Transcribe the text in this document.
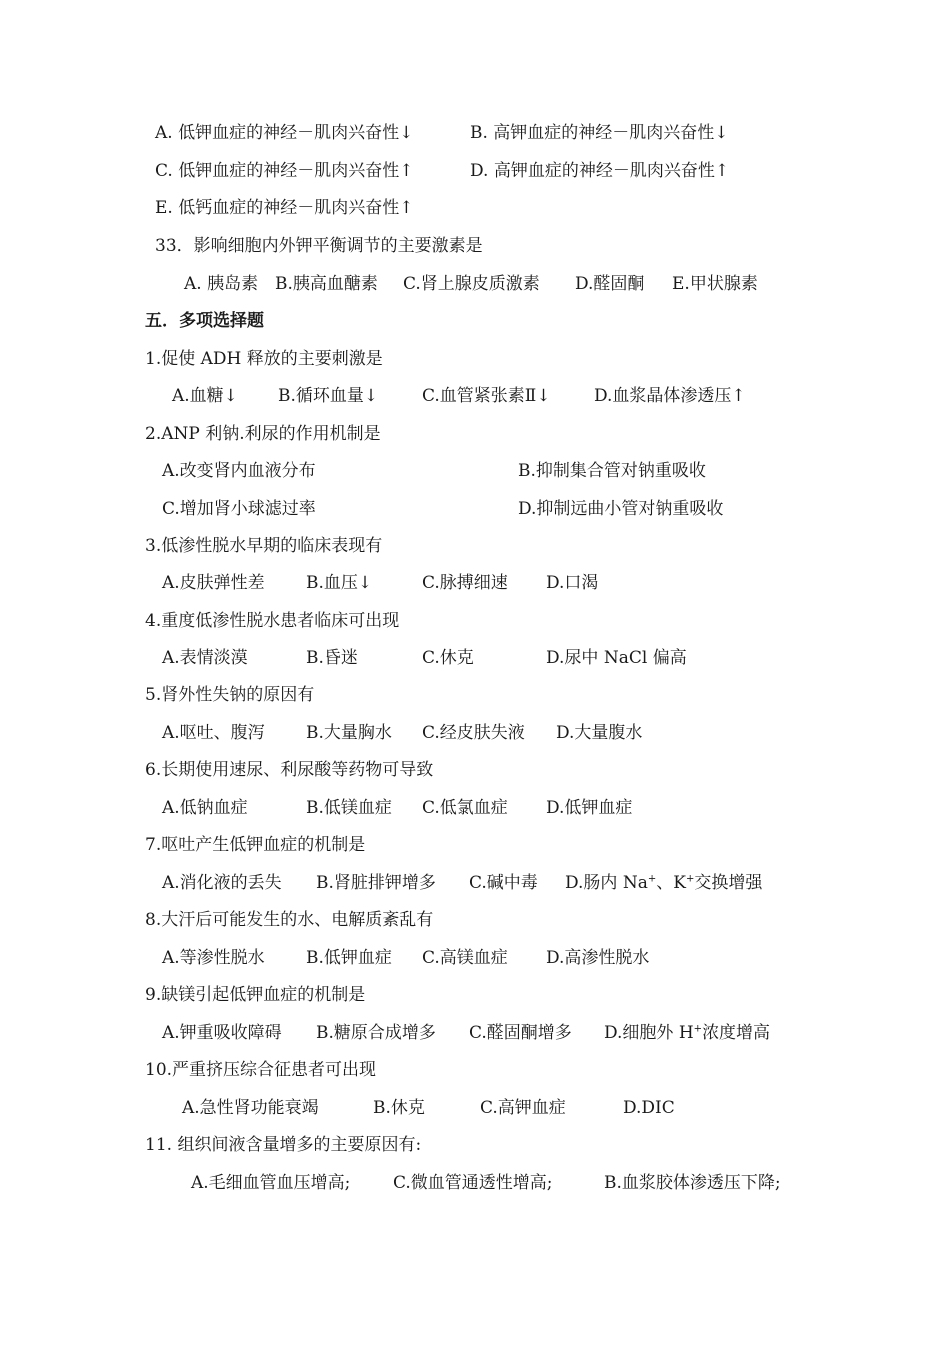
A. 低钾血症的神经－肌肉兴奋性↓	B. 高钾血症的神经－肌肉兴奋性↓
C. 低钾血症的神经－肌肉兴奋性↑	D. 高钾血症的神经－肌肉兴奋性↑
E. 低钙血症的神经－肌肉兴奋性↑
33．影响细胞内外钾平衡调节的主要激素是
A. 胰岛素 B.胰高血醣素 C.肾上腺皮质激素 D.醛固酮 E.甲状腺素
五．多项选择题
1.促使 ADH 释放的主要刺激是
A.血糖↓ B.循环血量↓	C.血管紧张素Ⅱ↓	D.血浆晶体渗透压↑
2.ANP 利钠.利尿的作用机制是
A.改变肾内血液分布	B.抑制集合管对钠重吸收
C.增加肾小球滤过率	D.抑制远曲小管对钠重吸收
3.低渗性脱水早期的临床表现有
A.皮肤弹性差 B.血压↓	C.脉搏细速 D.口渴
4.重度低渗性脱水患者临床可出现
A.表情淡漠	B.昏迷	C.休克	D.尿中 NaCl 偏高
5.肾外性失钠的原因有
A.呕吐、腹泻 B.大量胸水 C.经皮肤失液 D.大量腹水
6.长期使用速尿、利尿酸等药物可导致
A.低钠血症	B.低镁血症 C.低氯血症 D.低钾血症
7.呕吐产生低钾血症的机制是
A.消化液的丢失 B.肾脏排钾增多 C.碱中毒 D.肠内 Na+、K+交换增强
8.大汗后可能发生的水、电解质紊乱有
A.等渗性脱水 B.低钾血症 C.高镁血症 D.高渗性脱水
9.缺镁引起低钾血症的机制是
A.钾重吸收障碍 B.糖原合成增多 C.醛固酮增多 D.细胞外 H+浓度增高
10.严重挤压综合征患者可出现
A.急性肾功能衰竭	B.休克	C.高钾血症	D.DIC
11. 组织间液含量增多的主要原因有:
A.毛细血管血压增高;	C.微血管通透性增高;	B.血浆胶体渗透压下降;
